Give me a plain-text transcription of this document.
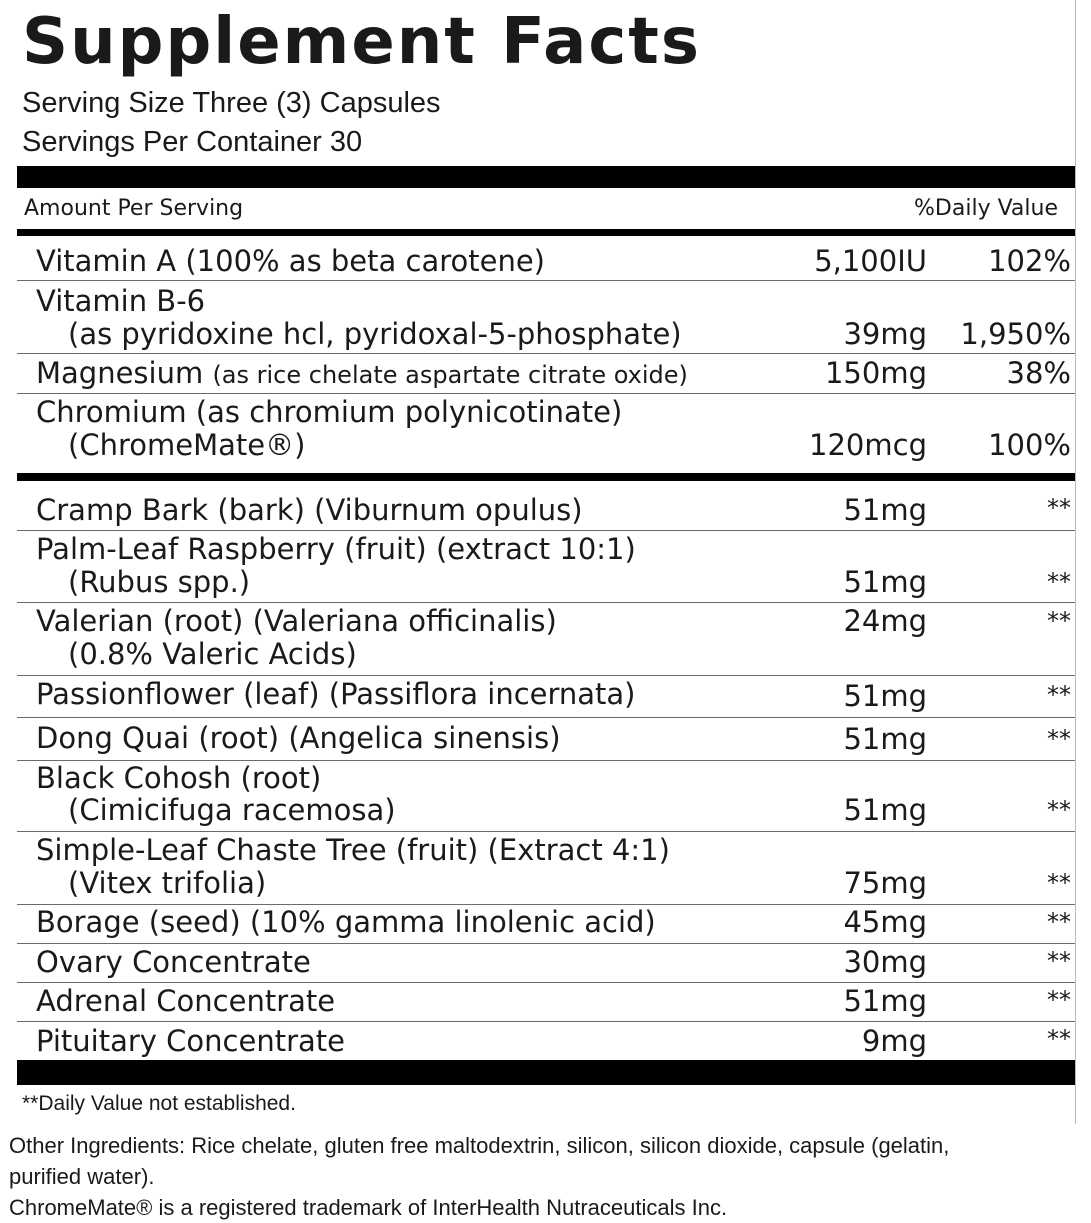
Supplement Facts
Serving Size Three (3) Capsules
Servings Per Container 30
Amount Per Serving	%Daily Value
Vitamin A (100% as beta carotene)	5,100IU 102%
Vitamin B-6
(as pyridoxine hcl, pyridoxal-5-phosphate)	39mg 1,950%
Magnesium (as rice chelate aspartate citrate oxide)	150mg	38%
Chromium (as chromium polynicotinate)
(ChromeMate®)	120mcg 100%
Cramp Bark (bark) (Viburnum opulus)	51mg	**
Palm-Leaf Raspberry (fruit) (extract 10:1)
(Rubus spp.)	51mg	**
Valerian (root) (Valeriana officinalis)
(0.8% Valeric Acids)
24mg	**
Passionflower (leaf) (Passiflora incernata)	51mg	**
Dong Quai (root) (Angelica sinensis)	51mg	**
Black Cohosh (root)
(Cimicifuga racemosa)	51mg	**
Simple-Leaf Chaste Tree (fruit) (Extract 4:1)
(Vitex trifolia)	75mg	**
Borage (seed) (10% gamma linolenic acid)	45mg	**
Ovary Concentrate	30mg	**
Adrenal Concentrate	51mg	**
Pituitary Concentrate	9mg	**
**Daily Value not established.
Other Ingredients: Rice chelate, gluten free maltodextrin, silicon, silicon dioxide, capsule (gelatin,
purified water).
ChromeMate® is a registered trademark of InterHealth Nutraceuticals Inc.
